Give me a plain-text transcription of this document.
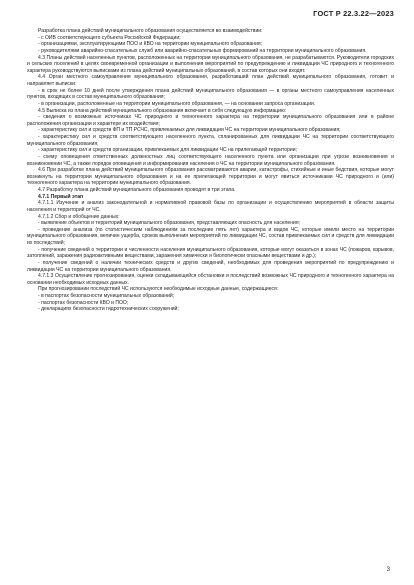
ГОСТ Р 22.3.22—2023

Разработка плана действий муниципального образования осуществляется во взаимодействии:

- с ОИВ соответствующего субъекта Российской Федерации;

- организациями, эксплуатирующими ПОО и КВО на территории муниципального образования;

- руководителями аварийно-спасательных служб или аварийно-спасательных формирований на территории муниципального образования.

4.3 Планы действий населенных пунктов, расположенных на территории муниципального образования, не разрабатываются. Руководители городских и сельских поселений в целях своевременной организации и выполнения мероприятий по предупреждению и ликвидации ЧС природного и техногенного характера руководствуются выписками из плана действий муниципальных образований, в состав которых они входят.

4.4 Орган местного самоуправления муниципального образования, разработавший план действий муниципального образования, готовит и направляет выписки:

- в срок не более 10 дней после утверждения плана действий муниципального образования — в органы местного самоуправления населенных пунктов, входящих в состав муниципального образования;

- в организации, расположенные на территории муниципального образования, — на основании запроса организации.

4.5 Выписка из плана действий муниципального образования включает в себя следующую информацию:

- сведения о возможных источниках ЧС природного и техногенного характера на территории муниципального образования или в районе расположения организации и характере их воздействия;

- характеристику сил и средств ФП и ТП РСЧС, привлекаемых для ликвидации ЧС на территории муниципального образования;

- характеристику сил и средств соответствующего населенного пункта, спланированных для ликвидации ЧС на территории соответствующего муниципального образования;

- характеристику сил и средств организации, привлекаемых для ликвидации ЧС на прилегающей территории;

- схему оповещения ответственных должностных лиц соответствующего населенного пункта или организации при угрозе возникновения и возникновении ЧС, а также порядок оповещения и информирования населения о ЧС на территории муниципального образования.

4.6 При разработке плана действий муниципального образования рассматриваются аварии, катастрофы, стихийные и иные бедствия, которые могут возникнуть на территории муниципального образования и на ее прилегающей территории и могут явиться источниками ЧС природного и (или) техногенного характера на территории муниципального образования.

4.7 Разработку плана действий муниципального образования проводят в три этапа.

4.7.1 Первый этап

4.7.1.1 Изучение и анализ законодательной и нормативной правовой базы по организации и осуществлению мероприятий в области защиты населения и территорий от ЧС.

4.7.1.2 Сбор и обобщение данных:

- выявление объектов и территорий муниципального образования, представляющих опасность для населения;

- проведение анализа (по статистическим наблюдениям за последние пять лет) характера и видов ЧС, которые имели место на территории муниципального образования, величин ущерба, сроков выполнения мероприятий по ликвидации ЧС, состав привлекаемых сил и средств для ликвидации их последствий;

- получение сведений о территории и численности населения муниципального образования, которые могут оказаться в зонах ЧС (пожаров, взрывов, затоплений, заражения радиоактивными веществами, заражения химически и биологически опасными веществами и др.);

- получение сведений о наличии технических средств и других сведений, необходимых для проведения мероприятий по предупреждению и ликвидации ЧС на территории муниципального образования.

4.7.1.3 Осуществление прогнозирования, оценки складывающейся обстановки и последствий возможных ЧС природного и техногенного характера на основании необходимых исходных данных.

При прогнозировании последствий ЧС используются необходимые исходные данные, содержащиеся:

- в паспортах безопасности муниципальных образований;

- паспортах безопасности КВО и ПОО;

- декларациях безопасности гидротехнических сооружений;

3
